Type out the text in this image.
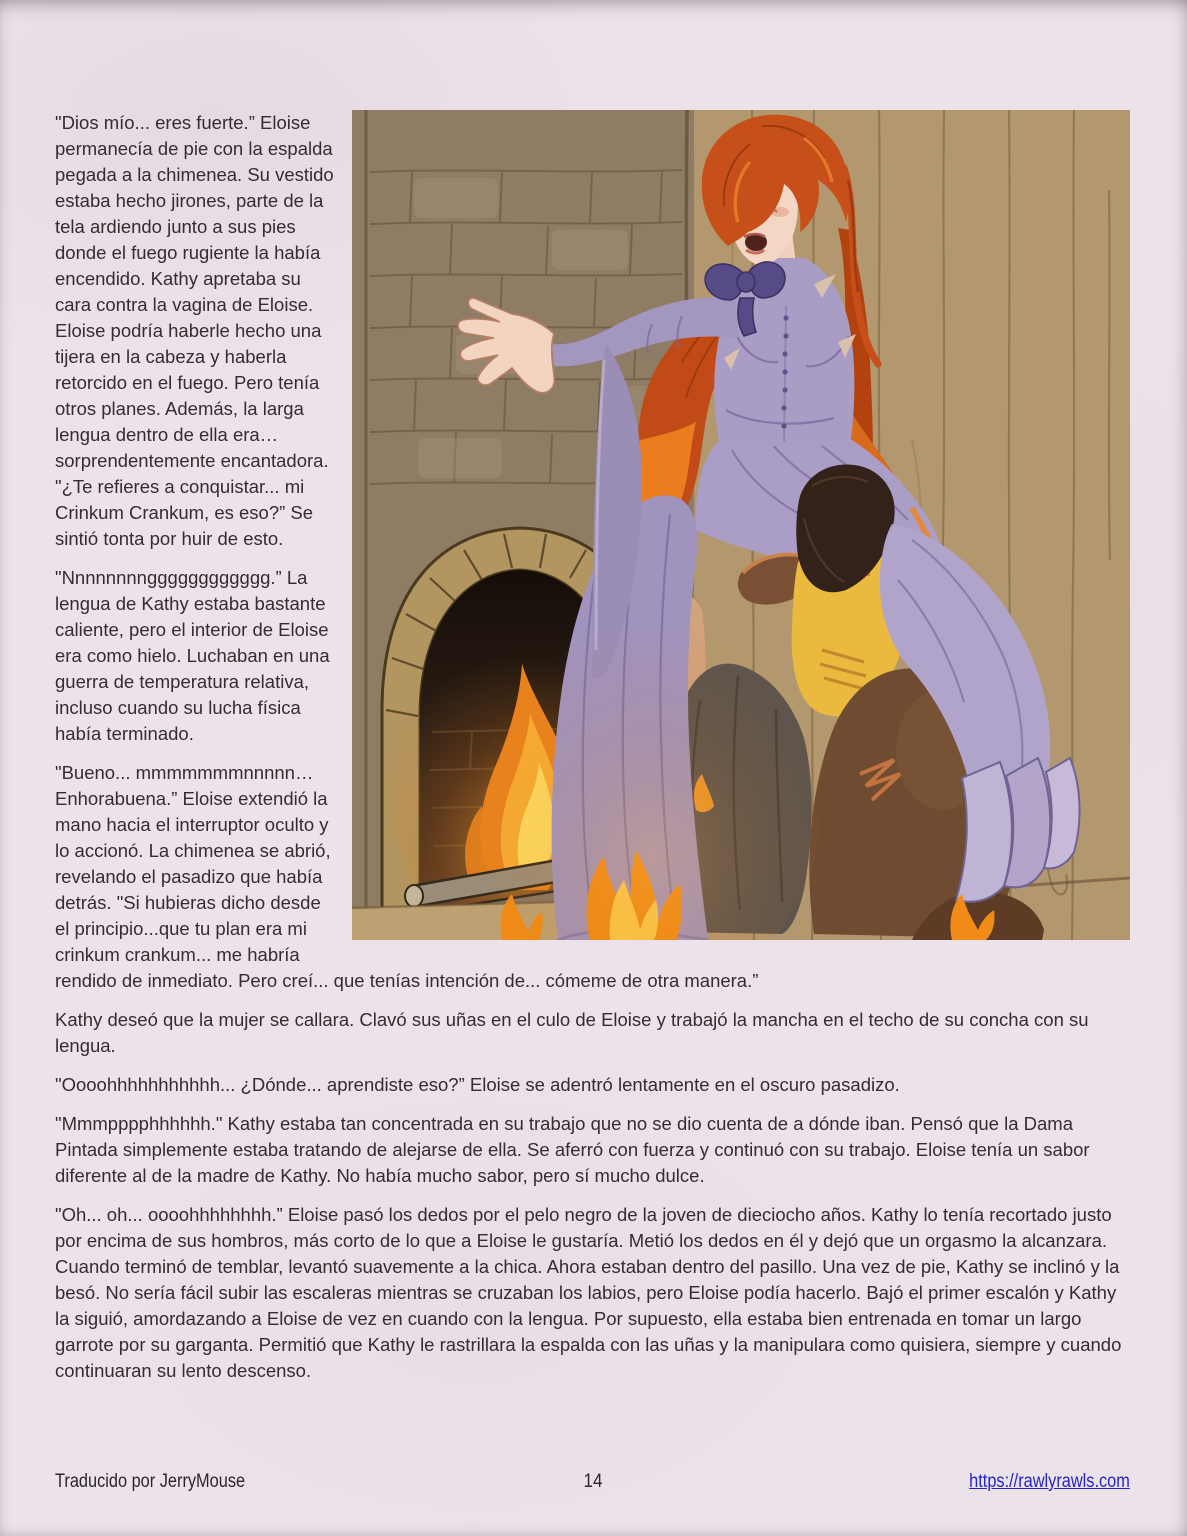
"Dios mío... eres fuerte.” Eloise permanecía de pie con la espalda pegada a la chimenea. Su vestido estaba hecho jirones, parte de la tela ardiendo junto a sus pies donde el fuego rugiente la había encendido. Kathy apretaba su cara contra la vagina de Eloise. Eloise podría haberle hecho una tijera en la cabeza y haberla retorcido en el fuego. Pero tenía otros planes. Además, la larga lengua dentro de ella era… sorprendentemente encantadora. "¿Te refieres a conquistar... mi Crinkum Crankum, es eso?” Se sintió tonta por huir de esto.

"Nnnnnnnngggggggggggg.” La lengua de Kathy estaba bastante caliente, pero el interior de Eloise era como hielo. Luchaban en una guerra de temperatura relativa, incluso cuando su lucha física había terminado.

"Bueno... mmmmmmmnnnnn… Enhorabuena.” Eloise extendió la mano hacia el interruptor oculto y lo accionó. La chimenea se abrió, revelando el pasadizo que había detrás. "Si hubieras dicho desde el principio...que tu plan era mi crinkum crankum... me habría rendido de inmediato. Pero creí... que tenías intención de... cómeme de otra manera.”

Kathy deseó que la mujer se callara. Clavó sus uñas en el culo de Eloise y trabajó la mancha en el techo de su concha con su lengua.

"Oooohhhhhhhhhhh... ¿Dónde... aprendiste eso?” Eloise se adentró lentamente en el oscuro pasadizo.

"Mmmpppphhhhhh." Kathy estaba tan concentrada en su trabajo que no se dio cuenta de a dónde iban. Pensó que la Dama Pintada simplemente estaba tratando de alejarse de ella. Se aferró con fuerza y continuó con su trabajo. Eloise tenía un sabor diferente al de la madre de Kathy. No había mucho sabor, pero sí mucho dulce.

"Oh... oh... oooohhhhhhhh.” Eloise pasó los dedos por el pelo negro de la joven de dieciocho años. Kathy lo tenía recortado justo por encima de sus hombros, más corto de lo que a Eloise le gustaría. Metió los dedos en él y dejó que un orgasmo la alcanzara. Cuando terminó de temblar, levantó suavemente a la chica. Ahora estaban dentro del pasillo. Una vez de pie, Kathy se inclinó y la besó. No sería fácil subir las escaleras mientras se cruzaban los labios, pero Eloise podía hacerlo. Bajó el primer escalón y Kathy la siguió, amordazando a Eloise de vez en cuando con la lengua. Por supuesto, ella estaba bien entrenada en tomar un largo garrote por su garganta. Permitió que Kathy le rastrillara la espalda con las uñas y la manipulara como quisiera, siempre y cuando continuaran su lento descenso.

Traducido por JerryMouse	14	https://rawlyrawls.com
